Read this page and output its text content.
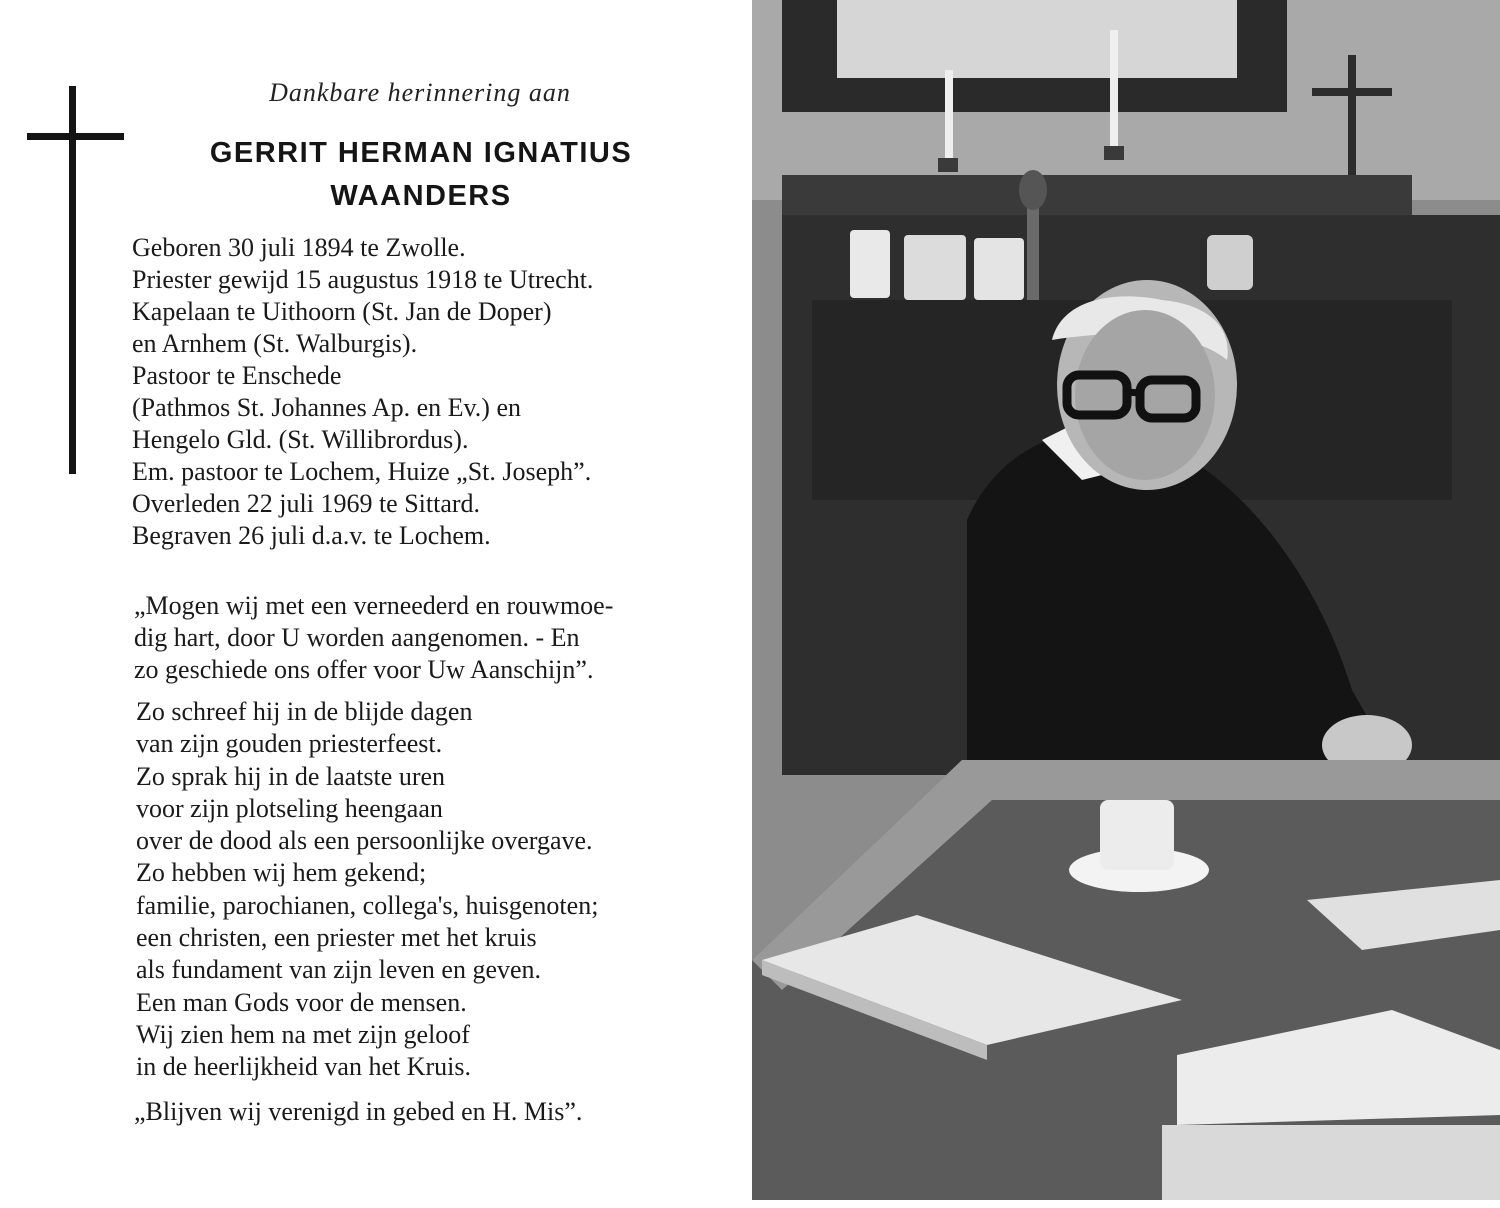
Dankbare herinnering aan
GERRIT HERMAN IGNATIUS
WAANDERS
Geboren 30 juli 1894 te Zwolle.
Priester gewijd 15 augustus 1918 te Utrecht.
Kapelaan te Uithoorn (St. Jan de Doper)
en Arnhem (St. Walburgis).
Pastoor te Enschede
(Pathmos St. Johannes Ap. en Ev.) en
Hengelo Gld. (St. Willibrordus).
Em. pastoor te Lochem, Huize „St. Joseph”.
Overleden 22 juli 1969 te Sittard.
Begraven 26 juli d.a.v. te Lochem.
„Mogen wij met een verneederd en rouwmoe-
dig hart, door U worden aangenomen. - En
zo geschiede ons offer voor Uw Aanschijn”.
Zo schreef hij in de blijde dagen
van zijn gouden priesterfeest.
Zo sprak hij in de laatste uren
voor zijn plotseling heengaan
over de dood als een persoonlijke overgave.
Zo hebben wij hem gekend;
familie, parochianen, collega's, huisgenoten;
een christen, een priester met het kruis
als fundament van zijn leven en geven.
Een man Gods voor de mensen.
Wij zien hem na met zijn geloof
in de heerlijkheid van het Kruis.
„Blijven wij verenigd in gebed en H. Mis”.
